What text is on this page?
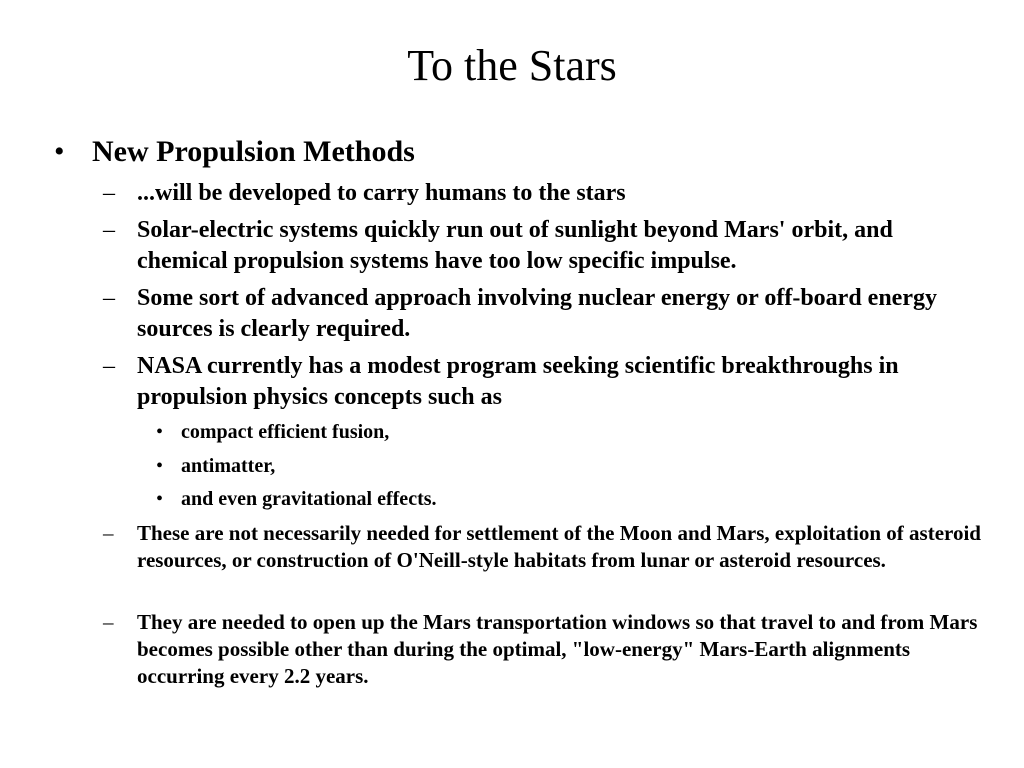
To the Stars
• New Propulsion Methods
– ...will be developed to carry humans to the stars
– Solar-electric systems quickly run out of sunlight beyond Mars' orbit, and chemical propulsion systems have too low specific impulse.
– Some sort of advanced approach involving nuclear energy or off-board energy sources is clearly required.
– NASA currently has a modest program seeking scientific breakthroughs in propulsion physics concepts such as
• compact efficient fusion,
• antimatter,
• and even gravitational effects.
– These are not necessarily needed for settlement of the Moon and Mars, exploitation of asteroid resources, or construction of O'Neill-style habitats from lunar or asteroid resources.
– They are needed to open up the Mars transportation windows so that travel to and from Mars becomes possible other than during the optimal, "low-energy" Mars-Earth alignments occurring every 2.2 years.
